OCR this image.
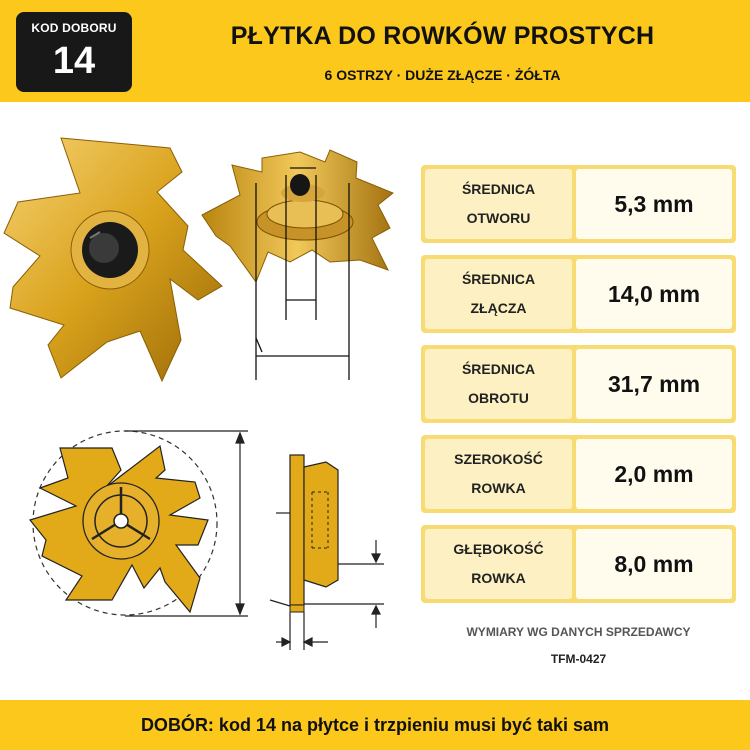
KOD DOBORU
14
PŁYTKA DO ROWKÓW PROSTYCH
6 OSTRZY · DUŻE ZŁĄCZE · ŻÓŁTA
ŚREDNICA
OTWORU
5,3 mm
ŚREDNICA
ZŁĄCZA
14,0 mm
ŚREDNICA
OBROTU
31,7 mm
SZEROKOŚĆ
ROWKA
2,0 mm
GŁĘBOKOŚĆ
ROWKA
8,0 mm
WYMIARY WG DANYCH SPRZEDAWCY
TFM-0427
DOBÓR: kod 14 na płytce i trzpieniu musi być taki sam
